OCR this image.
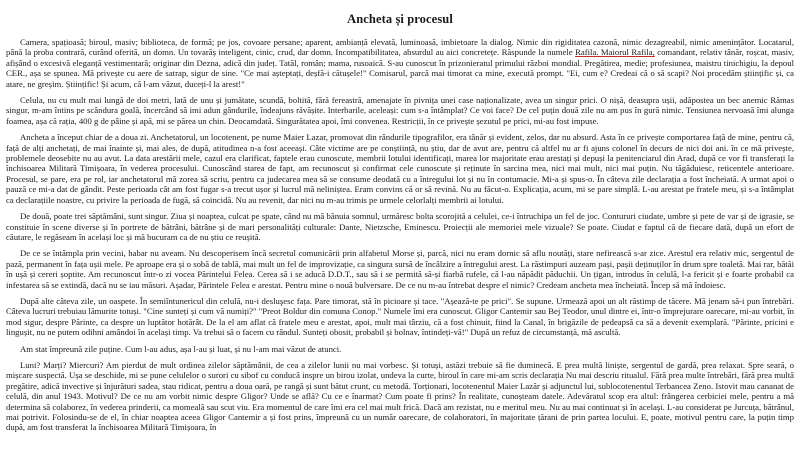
Ancheta și procesul

Camera, spațioasă; biroul, masiv; biblioteca, de formă; pe jos, covoare persane; aparent, ambianță elevată, luminoasă, imbietoare la dialog. Nimic din rigiditatea cazonă, nimic dezagreabil, nimic amenințător. Locatarul, până la proba contrară, curând oferită, un domn. Un tovarăș inteligent, cinic, crud, dar domn. Incompatibilitatea, absurdul au aici concretețe. Răspunde la numele Rafila. Maiorul Rafila, comandant, relativ tânăr, roșcat, masiv, afișând o excesivă eleganță vestimentară; originar din Dezna, adică din județ. Tatăl, român; mama, rusoaică. S-au cunoscut în prizonieratul primului război mondial. Pregătirea, medie; profesiunea, maistru tinichigiu, la depoul CER., așa se spunea. Mă privește cu aere de satrap, sigur de sine. "Ce mai așteptați, deșfă-i cătușele!" Comisarul, parcă mai timorat ca mine, execută prompt. "Ei, cum e? Credeai că o să scapi? Noi procedăm științific și, ca atare, ne greșim. Științific! Și acum, că l-am văzut, duceți-l la arest!"

Celula, nu cu mult mai lungă de doi metri, lată de unu și jumătate, scundă, boltită, fără fereastră, amenajate în pivnița unei case naționalizate, avea un singur prici. O nișă, deasupra ușii, adăpostea un bec anemic Rămas singur, m-am întins pe scândura goală, încercând să imi adun gândurile, îndeajuns răvășite. Interbarile, aceleași: cum s-a întâmplat? Ce voi face? De cel puțin două zile nu am pus în gură nimic. Tensiunea nervoasă îmi alunga foamea, așa că rația, 400 g de pâine și apă, mi se părea un chin. Deocamdată. Singurătatea apoi, îmi convenea. Restricții, în ce privește șezutul pe prici, mi-au fost impuse.

Ancheta a început chiar de a doua zi. Anchetatorul, un locotenent, pe nume Maier Lazar, promovat din rândurile tipografilor, era tânăr și evident, zelos, dar nu absurd. Asta în ce privește comportarea față de mine, pentru că, față de alți anchetați, de mai înainte și, mai ales, de după, atitudinea n-a fost aceeași. Câte victime are pe conștiință, nu știu, dar de avut are, pentru că altfel nu ar fi ajuns colonel în decurs de nici doi ani. în ce mă privește, problemele deosebite nu au avut. La data arestării mele, cazul era clarificat, faptele erau cunoscute, membrii lotului identificați, marea lor majoritate erau arestați și depuși la penitenciarul din Arad, după ce vor fi transferați la închisoarea Militară Timișoara, în vederea procesului. Cunoscând starea de fapt, am recunoscut și confirmat cele cunoscute și reținute în sarcina mea, nici mai mult, nici mai puțin. Nu tăgăduiesc, reticentele anterioare. Procesul, se pare, era pe rol, iar anchetatorul mă zorea să scriu, pentru ca judecarea mea să se consume deodată cu a întregului lot și nu în contumacie. Mi-a și spus-o. În câteva zile declarația a fost încheiată. A urmat apoi o pauză ce mi-a dat de gândit. Peste perioada cât am fost fugar s-a trecut ușor și lucrul mă neliniștea. Eram convins că or să revină. Nu au făcut-o. Explicația, acum, mi se pare simplă. L-au arestat pe fratele meu, și s-a întâmplat ca declarațiile noastre, cu privire la perioada de fugă, să coincidă. Nu au revenit, dar nici nu m-au trimis pe urmele celorlalți membrii ai lotului.

De două, poate trei săptămâni, sunt singur. Ziua și noaptea, culcat pe spate, când nu mă bănuia somnul, urmăresc bolta scorojită a celulei, ce-i întruchipa un fel de joc. Contururi ciudate, umbre și pete de var și de igrasie, se constituie în scene diverse și în portrete de bătrâni, bătrâne și de mari personalități culturale: Dante, Nietzsche, Eminescu. Proiecții ale memoriei mele vizuale? Se poate. Ciudat e faptul că de fiecare dată, după un efort de căutare, le regăseam în același loc și mă bucuram ca de nu știu ce reușită.

De ce se întâmpla prin vecini, habar nu aveam. Nu descoperisem încă secretul comunicării prin alfabetul Morse și, parcă, nici nu eram dornic să aflu noutăți, stare nefirească s-ar zice. Arestul era relativ mic, sergentul de pază, permanent în fața ușii mele. Pe aproape era și o sobă de tablă, mai mult un fel de improvizație, ca singura sursă de încălzire a întregului arest. La răstimpuri auzeam pași, pașii deținuților în drum spre toaletă. Mai rar, bătăi în ușă și cereri șoptite. Am recunoscut într-o zi vocea Părintelui Felea. Cerea să i se aducă D.D.T., sau să i se permită să-și fiarbă rufele, că l-au năpădit păduchii. Un țigan, introdus în celulă, l-a fericit și e foarte probabil ca infestarea să se extindă, dacă nu se iau măsuri. Așadar, Părintele Felea e arestat. Pentru mine o nouă bulversare. De ce nu m-au întrebat despre el nimic? Credeam ancheta mea încheiată. Încep să mă îndoiesc.

După alte câteva zile, un oaspete. În semiîntunericul din celulă, nu-i desluşesc fața. Pare timorat, stă în picioare și tace. "Așează-te pe prici". Se supune. Urmează apoi un alt răstimp de tăcere. Mă jenam să-i pun întrebări. Câteva lucruri trebuiau lămurite totuși. "Cine sunteți și cum vă numiți?" "Preot Boldur din comuna Conop." Numele îmi era cunoscut. Gligor Cantemir sau Bej Teodor, unul dintre ei, într-o împrejurare oarecare, mi-au vorbit, în mod sigur, despre Părinte, ca despre un luptător hotărât. De la el am aflat că fratele meu e arestat, apoi, mult mai târziu, că a fost chinuit, fiind la Canal, în brigăzile de pedeapsă ca să a devenit exemplară. "Părinte, pricini e lingușit, nu ne putem odihni amândoi în același timp. Va trebui să o facem cu rândul. Sunteți obosit, probabil și bolnav, întindeți-vă!" După un refuz de circumstanță, mă ascultă.

Am stat împreună zile puține. Cum l-au adus, așa l-au și luat, și nu l-am mai văzut de atunci.

Luni? Marți? Miercuri? Am pierdut de mult ordinea zilelor săptămânii, de cea a zilelor lunii nu mai vorbesc. Și totuși, astăzi trebuie să fie duminecă. E prea multă liniște, sergentul de gardă, prea relaxat. Spre seară, o mișcare suspectă. Ușa se deschide, mi se pune celulelor o surori cu sibof cu conducă inspre un birou izolat, undeva la curte, biroul în care mi-am scris declarația Nu mai descriu ritualul. Fără prea multe întrebări, fără prea multă pregătire, adică invective și înjurături sadea, stau ridicat, pentru a doua oară, pe rangă și sunt bătut crunt, cu metodă. Torționari, locotenentul Maier Lazăr și adjunctul lui, sublocotenentul Terbancea Zeno. Istovit mau cananat de celulă, din anul 1943. Motivul? De ce nu am vorbit nimic despre Gligor? Unde se află? Cu ce e înarmat? Cum poate fi prins? În realitate, cunoșteam datele. Adevăratul scop era altul: frângerea cerbiciei mele, pentru a mă determina să colaborez, în vederea prinderii, ca momeală sau scut viu. Era momentul de care îmi era cel mai mult frică. Dacă am rezistat, nu e meritul meu. Nu au mai continuat și în același. L-au considerat pe Jurcuța, bătrânul, mai potrivit. Folosindu-se de el, în chiar noaptea aceea Gligor Cantemir a și fost prins, împreună cu un număr oarecare, de colaboratori, în majoritate țărani de prin partea locului. E, poate, motivul pentru care, la puțin timp după, am fost transferat la închisoarea Militară Timișoara, în
